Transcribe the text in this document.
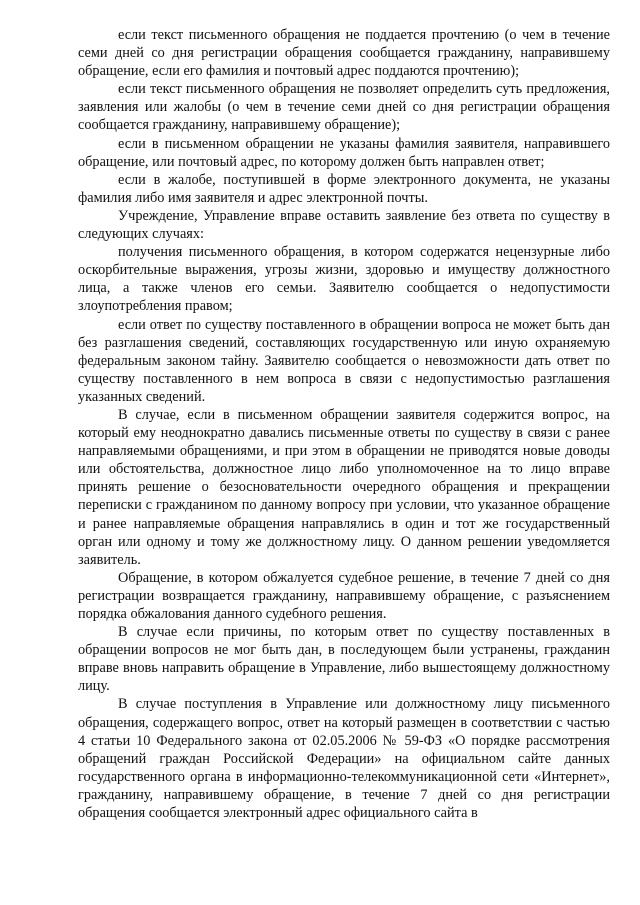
если текст письменного обращения не поддается прочтению (о чем в течение семи дней со дня регистрации обращения сообщается гражданину, направившему обращение, если его фамилия и почтовый адрес поддаются прочтению);

если текст письменного обращения не позволяет определить суть предложения, заявления или жалобы (о чем в течение семи дней со дня регистрации обращения сообщается гражданину, направившему обращение);

если в письменном обращении не указаны фамилия заявителя, направившего обращение, или почтовый адрес, по которому должен быть направлен ответ;

если в жалобе, поступившей в форме электронного документа, не указаны фамилия либо имя заявителя и адрес электронной почты.

Учреждение, Управление вправе оставить заявление без ответа по существу в следующих случаях:

получения письменного обращения, в котором содержатся нецензурные либо оскорбительные выражения, угрозы жизни, здоровью и имуществу должностного лица, а также членов его семьи. Заявителю сообщается о недопустимости злоупотребления правом;

если ответ по существу поставленного в обращении вопроса не может быть дан без разглашения сведений, составляющих государственную или иную охраняемую федеральным законом тайну. Заявителю сообщается о невозможности дать ответ по существу поставленного в нем вопроса в связи с недопустимостью разглашения указанных сведений.

В случае, если в письменном обращении заявителя содержится вопрос, на который ему неоднократно давались письменные ответы по существу в связи с ранее направляемыми обращениями, и при этом в обращении не приводятся новые доводы или обстоятельства, должностное лицо либо уполномоченное на то лицо вправе принять решение о безосновательности очередного обращения и прекращении переписки с гражданином по данному вопросу при условии, что указанное обращение и ранее направляемые обращения направлялись в один и тот же государственный орган или одному и тому же должностному лицу. О данном решении уведомляется заявитель.

Обращение, в котором обжалуется судебное решение, в течение 7 дней со дня регистрации возвращается гражданину, направившему обращение, с разъяснением порядка обжалования данного судебного решения.

В случае если причины, по которым ответ по существу поставленных в обращении вопросов не мог быть дан, в последующем были устранены, гражданин вправе вновь направить обращение в Управление, либо вышестоящему должностному лицу.

В случае поступления в Управление или должностному лицу письменного обращения, содержащего вопрос, ответ на который размещен в соответствии с частью 4 статьи 10 Федерального закона от 02.05.2006 № 59-ФЗ «О порядке рассмотрения обращений граждан Российской Федерации» на официальном сайте данных государственного органа в информационно-телекоммуникационной сети «Интернет», гражданину, направившему обращение, в течение 7 дней со дня регистрации обращения сообщается электронный адрес официального сайта в
